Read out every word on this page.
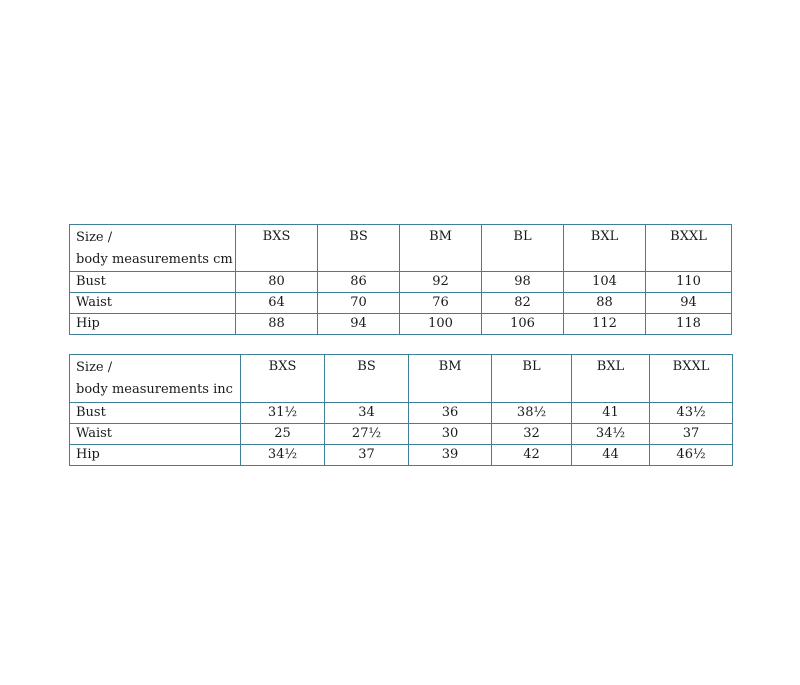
Size /
body measurements cm	BXS	BS	BM	BL	BXL	BXXL
Bust	80	86	92	98	104	110
Waist	64	70	76	82	88	94
Hip	88	94	100	106	112	118
Size /
body measurements inc	BXS	BS	BM	BL	BXL	BXXL
Bust	31½	34	36	38½	41	43½
Waist	25	27½	30	32	34½	37
Hip	34½	37	39	42	44	46½
